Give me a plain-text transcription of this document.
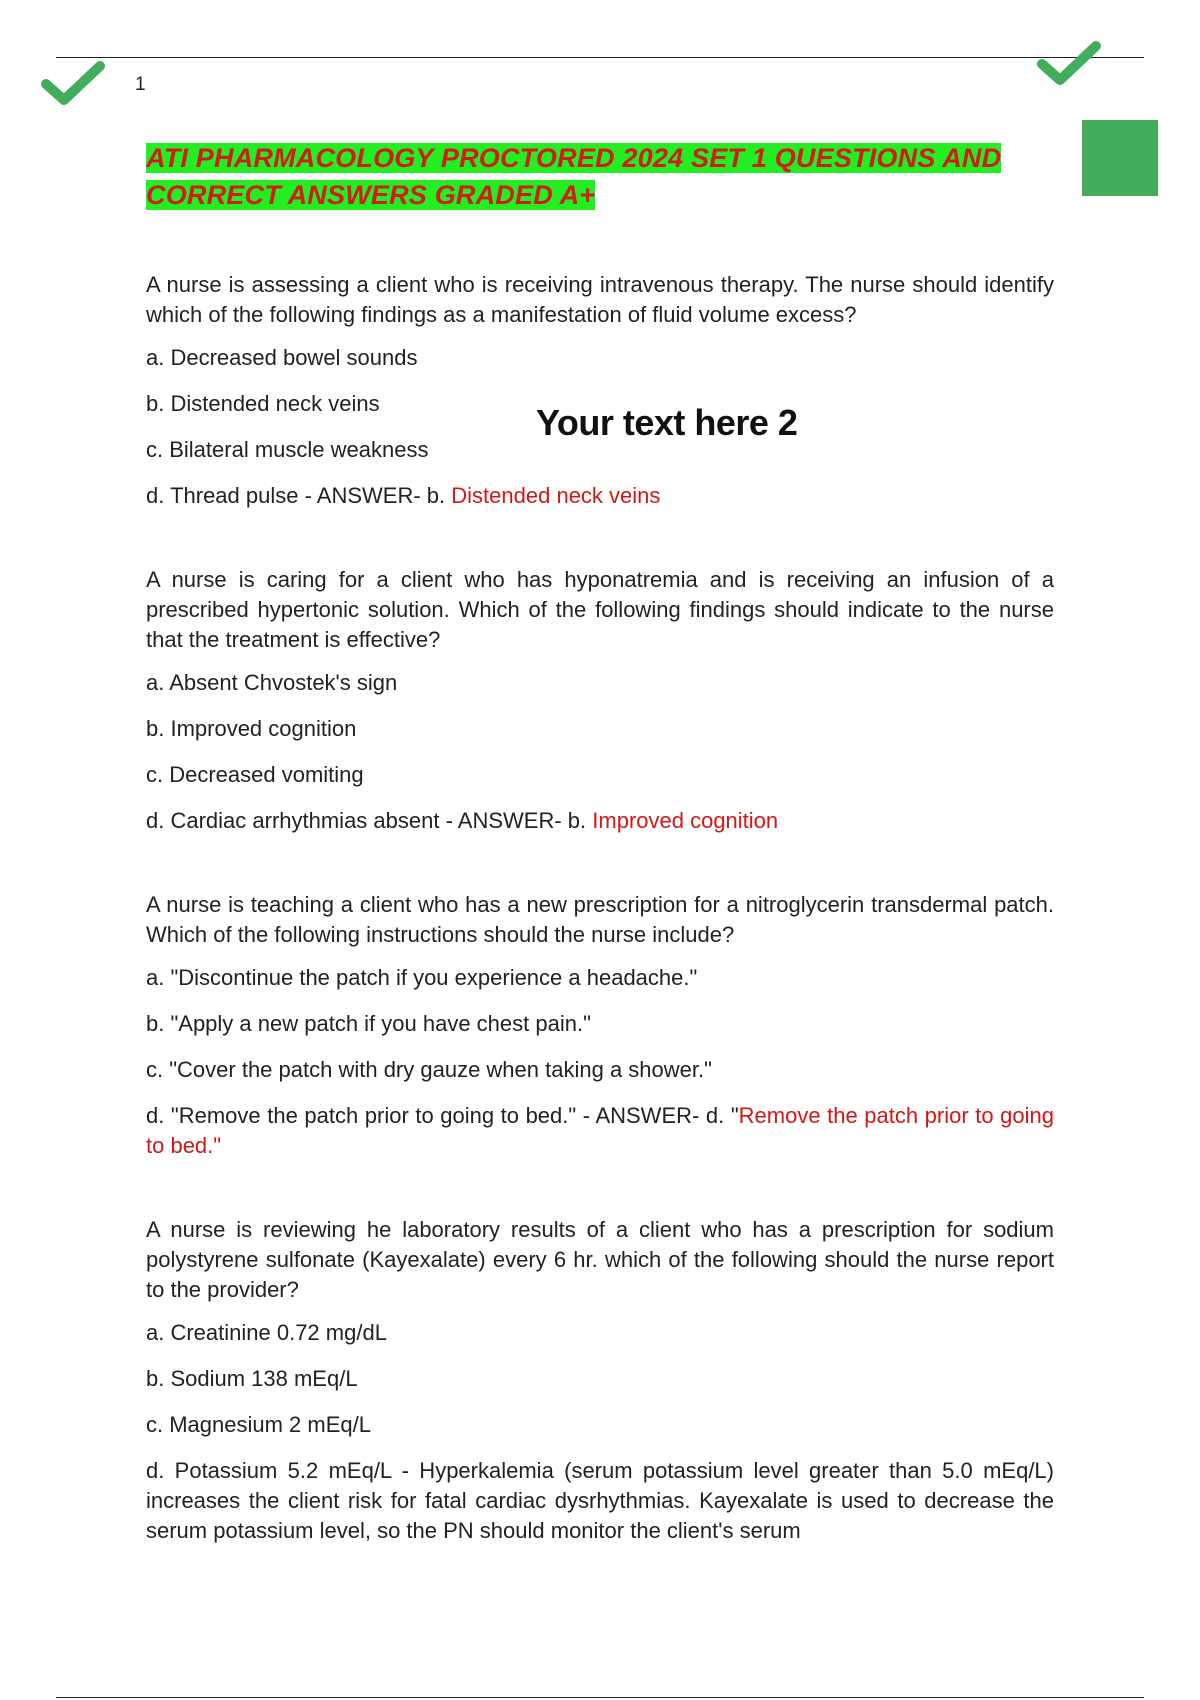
1
ATI PHARMACOLOGY PROCTORED 2024 SET 1 QUESTIONS AND CORRECT ANSWERS GRADED A+
Your text here 2

A nurse is assessing a client who is receiving intravenous therapy. The nurse should identify which of the following findings as a manifestation of fluid volume excess?

a. Decreased bowel sounds

b. Distended neck veins

c. Bilateral muscle weakness

d. Thread pulse - ANSWER- b. Distended neck veins

A nurse is caring for a client who has hyponatremia and is receiving an infusion of a prescribed hypertonic solution. Which of the following findings should indicate to the nurse that the treatment is effective?

a. Absent Chvostek's sign

b. Improved cognition

c. Decreased vomiting

d. Cardiac arrhythmias absent - ANSWER- b. Improved cognition

A nurse is teaching a client who has a new prescription for a nitroglycerin transdermal patch. Which of the following instructions should the nurse include?

a. "Discontinue the patch if you experience a headache."

b. "Apply a new patch if you have chest pain."

c. "Cover the patch with dry gauze when taking a shower."

d. "Remove the patch prior to going to bed." - ANSWER- d. "Remove the patch prior to going to bed."

A nurse is reviewing he laboratory results of a client who has a prescription for sodium polystyrene sulfonate (Kayexalate) every 6 hr. which of the following should the nurse report to the provider?

a. Creatinine 0.72 mg/dL

b. Sodium 138 mEq/L

c. Magnesium 2 mEq/L

d. Potassium 5.2 mEq/L - Hyperkalemia (serum potassium level greater than 5.0 mEq/L) increases the client risk for fatal cardiac dysrhythmias. Kayexalate is used to decrease the serum potassium level, so the PN should monitor the client's serum
